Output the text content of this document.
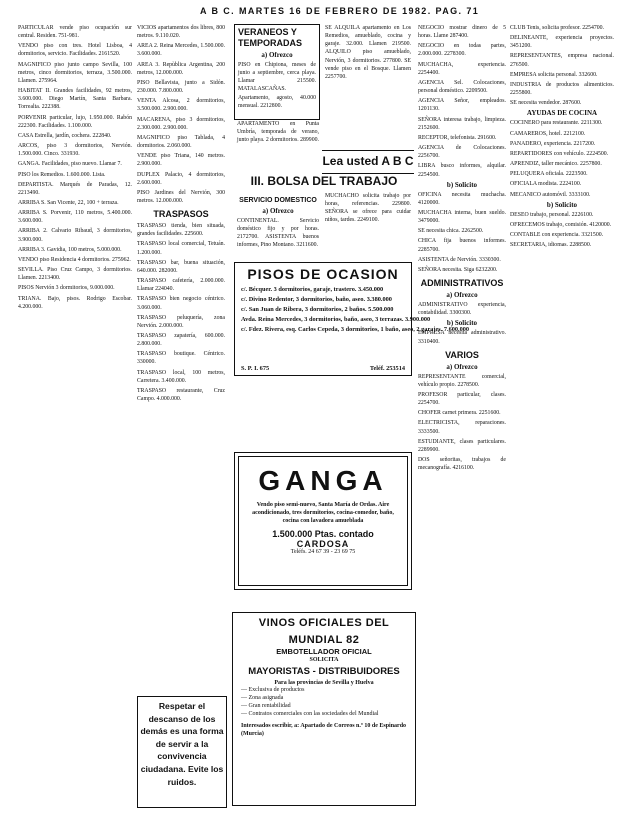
A B C. MARTES 16 DE FEBRERO DE 1982. PAG. 71
PARTICULAR vende piso ocupación sur central. Residen. 751-981.
VENDO piso con tres. Hotel Lisboa, 4 dormitorios, servicio. Facilidades. 2161520.
MAGNIFICO piso junto campo Sevilla, 100 metros, cinco dormitorios, terraza, 3.500.000. Llamen. 275964.
HABITAT II. Grandes facilidades, 92 metros, 3.600.000. Diego Martín, Santa Barbara. Torrealta. 222388.
PORVENIR particular, lujo, 1.950.000. Rabón 222300. Facilidades. 1.100.000.
CASA Estrella, jardín, cochera. 222840.
ARCOS, piso 3 dormitorios, Nervión. 1.500.000. Cinco. 331930.
GANGA. Facilidades, piso nuevo. Llamar 7.
PISO los Remedios. 1.600.000. Lista.
DEPARTISTA. Marqués de Paradas, 12. 2213490.
ARRIBA S. San Vicente, 22, 100 + terraza.
ARRIBA S. Porvenir, 110 metros, 5.400.000. 3.600.000.
ARRIBA 2. Calvario Ribaud, 3 dormitorios, 3.900.000.
ARRIBA 3. Gavidia, 100 metros, 5.000.000.
VENDO piso Residencia 4 dormitorios. 275962.
SEVILLA. Piso Cruz Campo, 3 dormitorios. Llamen. 2213400.
PISOS Nervión 3 dormitorios, 9.000.000.
TRIANA. Bajo, pisos. Rodrigo Escobar. 4.200.000.
VICIOS apartamentos dos libres, 800 metros. 9.110.020.
AREA 2. Reina Mercedes, 1.500.000. 3.600.000.
AREA 3. Repùblica Argentina, 200 metros, 12.000.000.
PISO Bellavista, junto a Sidón. 230.000. 7.800.000.
VENTA Alcosa, 2 dormitorios, 3.500.000. 2.900.000.
MACARENA, piso 3 dormitorios, 2.300.000. 2.900.000.
MAGNIFICO piso Tablada, 4 dormitorios. 2.060.000.
VENDE piso Triana, 140 metros. 2.900.000.
DUPLEX Palacio, 4 dormitorios, 2.600.000.
PISO Jardines del Nervión, 300 metros. 12.000.000.
TRASPASOS
TRASPASO tienda, bien situada, grandes facilidades. 225600.
TRASPASO local comercial, Tetuán. 1.200.000.
TRASPASO bar, buena situación, 640.000. 282000.
TRASPASO cafetería, 2.000.000. Llamar 224040.
TRASPASO bien negocio céntrico. 3.060.000.
TRASPASO peluquería, zona Nervión. 2.000.000.
TRASPASO zapatería, 600.000. 2.800.000.
TRASPASO boutique. Céntrico. 330000.
TRASPASO local, 100 metros, Carretera. 3.400.000.
TRASPASO restaurante, Cruz Campo. 4.000.000.
VERANEOS Y TEMPORADAS
a) Ofrezco
PISO en Chipiona, meses de junio a septiembre, cerca playa. Llamar 215500. MATALASCAÑAS. Apartamento, agosto, 40.000 mensual. 2212800.
APARTAMENTO en Punta Umbría, temporada de verano, junto playa. 2 dormitorios. 289900.
SE ALQUILA apartamento en Los Remedios, amueblado, cocina y garaje. 32.000. Llamen 219500. ALQUILO piso amueblado, Nervión, 3 dormitorios. 277800. SE vende piso en el Bosque. Llamen 2257700.
Lea usted A B C
III. BOLSA DEL TRABAJO
SERVICIO DOMESTICO
a) Ofrezco
CONTINENTAL. Servicio doméstico fijo y por horas. 2172700. ASISTENTA buenos informes, Pino Montano. 3211600.
MUCHACHO solicita trabajo por horas, referencias. 229800. SEÑORA se ofrece para cuidar niños, tardes. 2249100.
PISOS DE OCASION
c/. Bécquer. 3 dormitorios, garaje, trastero. 3.450.000
c/. Divino Redentor, 3 dormitorios, baño, aseo. 3.380.000
c/. San Juan de Ribera, 3 dormitorios, 2 baños. 5.500.000
Avda. Reina Mercedes, 3 dormitorios, baño, aseo, 3 terrazas. 3.900.000
c/. Fdez. Rivera, esq. Carlos Cepeda, 3 dormitorios, 1 baño, aseo, 2 garajes. 7.600.000
S. P. I. 675	Teléf. 253514
GANGA
Vendo piso semi-nuevo, Santa María de Ordas. Aire acondicionado, tres dormitorios, cocina-comedor, baño, cocina con lavadora amueblada
1.500.000 Ptas. contado
CARDOSA
Teléfs. 24 67 39 - 23 69 75
Respetar el descanso de los demás es una forma de servir a la convivencia ciudadana. Evite los ruidos.
VINOS OFICIALES DEL
MUNDIAL 82
EMBOTELLADOR OFICIAL
SOLICITA
MAYORISTAS - DISTRIBUIDORES
Para las provincias de Sevilla y Huelva
— Exclusiva de productos
— Zona asignada
— Gran rentabilidad
— Contratos comerciales con las sociedades del Mundial
Interesados escribir, a: Apartado de Correos n.º 10 de Espinardo (Murcia)
NEGOCIO mostrar dinero de 5 horas. Llame 287400.
NEGOCIO en todas partes, 2.000.000. 2278300.
MUCHACHA, experiencia. 2254400.
AGENCIA Sel. Colocaciones, personal doméstico. 2209500.
AGENCIA Señor, empleados. 1201130.
SEÑORA interesa trabajo, limpieza. 2152600.
RECEPTOR, telefonista. 291600.
AGENCIA de Colocaciones. 2256700.
LIBRA busco informes, alquilar. 2254500.
b) Solicito
OFICINA necesita muchacha. 4120000.
MUCHACHA interna, buen sueldo. 3479000.
SE necesita chica. 2262500.
CHICA fija buenos informes. 2285700.
ASISTENTA de Nervión. 3330300.
SEÑORA necesita. Siga 6232200.
ADMINISTRATIVOS
a) Ofrezco
ADMINISTRATIVO experiencia, contabilidad. 3300300.
b) Solicito
EMPRESA necesita administrativo. 3310400.
VARIOS
a) Ofrezco
REPRESENTANTE comercial, vehículo propio. 2278500.
PROFESOR particular, clases. 2254700.
CHOFER carnet primera. 2251600.
ELECTRICISTA, reparaciones. 3333500.
ESTUDIANTE, clases particulares. 2289900.
DOS señoritas, trabajos de mecanografía. 4216100.
CLUB Tenis, solicita profesor. 2254700.
DELINEANTE, experiencia proyectos. 3451200.
REPRESENTANTES, empresa nacional. 276500.
EMPRESA solicita personal. 332600.
INDUSTRIA de productos alimenticios. 2255800.
SE necesita vendedor. 287600.
AYUDAS DE COCINA
COCINERO para restaurante. 2211300.
CAMAREROS, hotel. 2212100.
PANADERO, experiencia. 2217200.
REPARTIDORES con vehículo. 2224500.
APRENDIZ, taller mecánico. 2257800.
PELUQUERA oficiala. 2223500.
OFICIALA modista. 2224100.
MECANICO automóvil. 3333100.
b) Solicito
DESEO trabajo, personal. 2226100.
OFRECEMOS trabajo, comisión. 4120000.
CONTABLE con experiencia. 3321500.
SECRETARIA, idiomas. 2288500.
